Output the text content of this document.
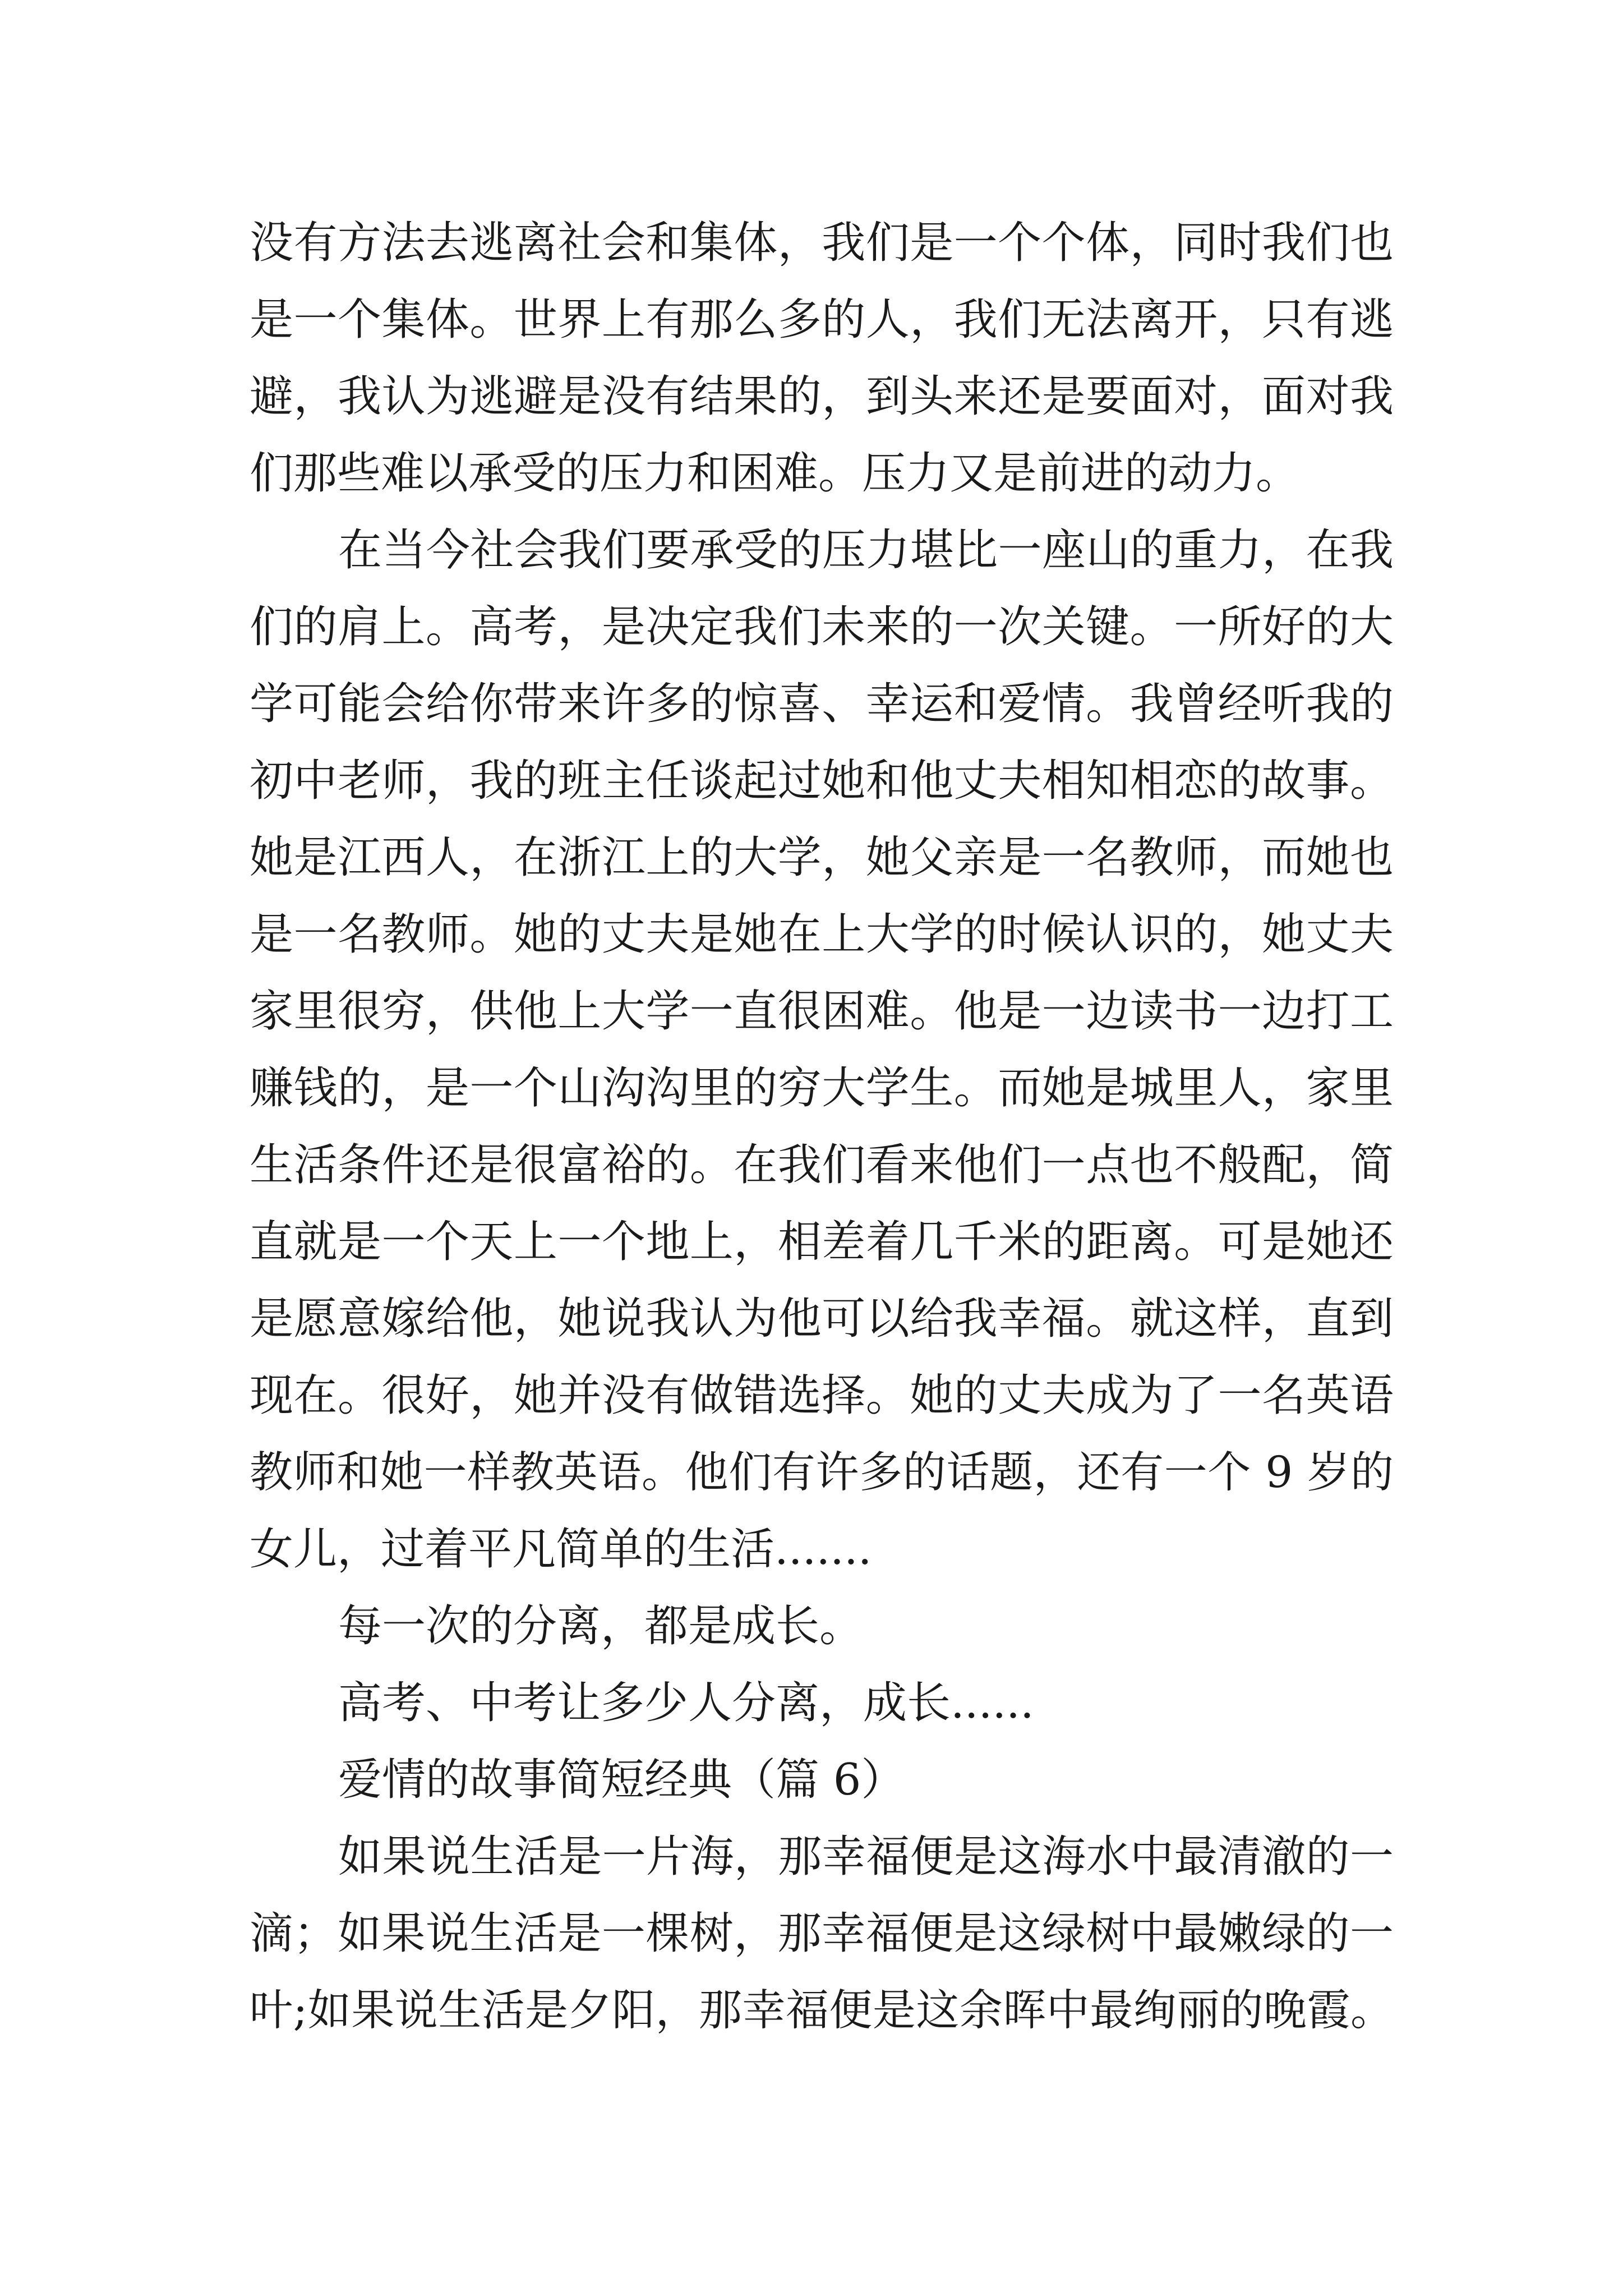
没有方法去逃离社会和集体，我们是一个个体，同时我们也
是一个集体。世界上有那么多的人，我们无法离开，只有逃
避，我认为逃避是没有结果的，到头来还是要面对，面对我
们那些难以承受的压力和困难。压力又是前进的动力。
在当今社会我们要承受的压力堪比一座山的重力，在我
们的肩上。高考，是决定我们未来的一次关键。一所好的大
学可能会给你带来许多的惊喜、幸运和爱情。我曾经听我的
初中老师，我的班主任谈起过她和他丈夫相知相恋的故事。
她是江西人，在浙江上的大学，她父亲是一名教师，而她也
是一名教师。她的丈夫是她在上大学的时候认识的，她丈夫
家里很穷，供他上大学一直很困难。他是一边读书一边打工
赚钱的，是一个山沟沟里的穷大学生。而她是城里人，家里
生活条件还是很富裕的。在我们看来他们一点也不般配，简
直就是一个天上一个地上，相差着几千米的距离。可是她还
是愿意嫁给他，她说我认为他可以给我幸福。就这样，直到
现在。很好，她并没有做错选择。她的丈夫成为了一名英语
教师和她一样教英语。他们有许多的话题，还有一个 9 岁的
女儿，过着平凡简单的生活.......
每一次的分离，都是成长。
高考、中考让多少人分离，成长......
爱情的故事简短经典（篇 6）
如果说生活是一片海，那幸福便是这海水中最清澈的一
滴；如果说生活是一棵树，那幸福便是这绿树中最嫩绿的一
叶;如果说生活是夕阳，那幸福便是这余晖中最绚丽的晚霞。
